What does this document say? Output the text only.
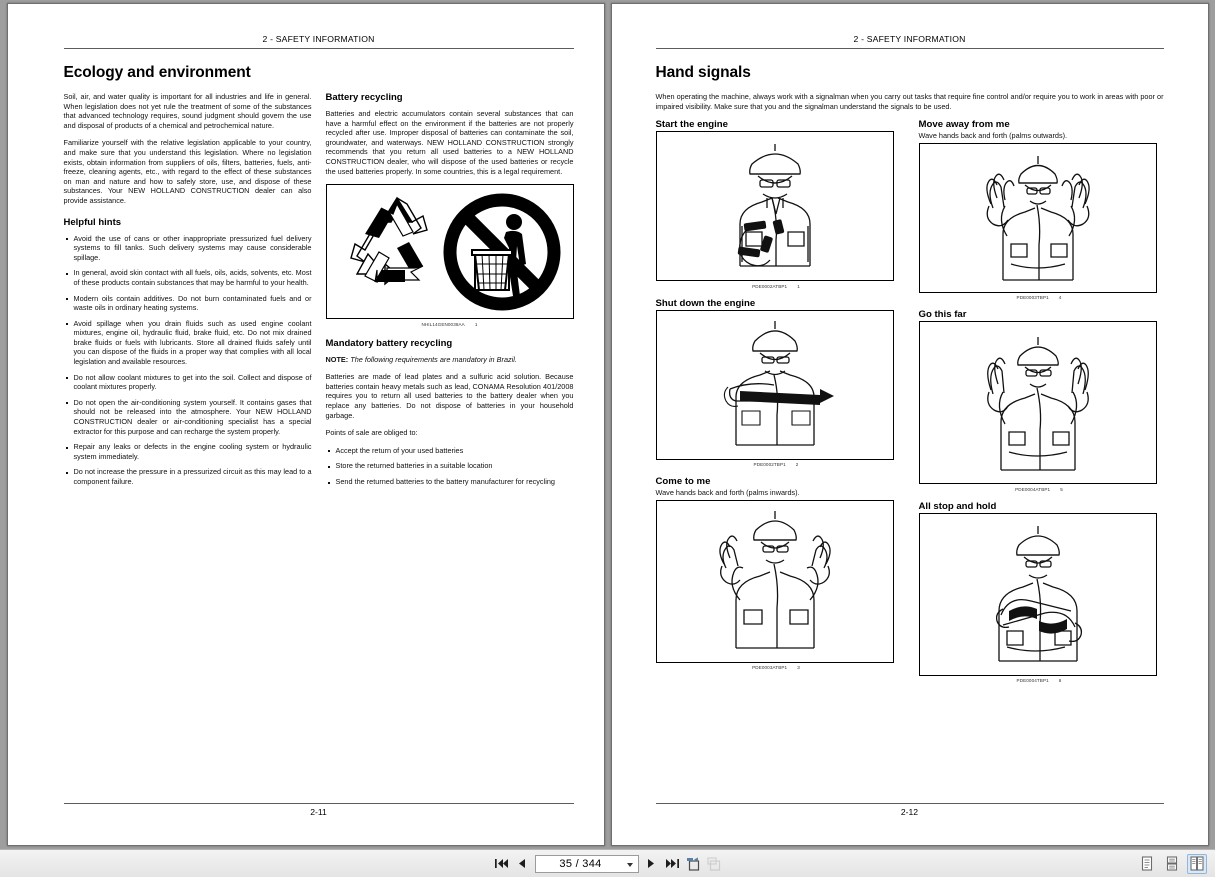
2 - SAFETY INFORMATION
Ecology and environment

Soil, air, and water quality is important for all industries and life in general. When legislation does not yet rule the treatment of some of the substances that advanced technology requires, sound judgment should govern the use and disposal of products of a chemical and petrochemical nature.

Familiarize yourself with the relative legislation applicable to your country, and make sure that you understand this legislation. Where no legislation exists, obtain information from suppliers of oils, filters, batteries, fuels, anti-freeze, cleaning agents, etc., with regard to the effect of these substances on man and nature and how to safely store, use, and dispose of these substances. Your NEW HOLLAND CONSTRUCTION dealer can also provide assistance.

Helpful hints
Avoid the use of cans or other inappropriate pressurized fuel delivery systems to fill tanks. Such delivery systems may cause considerable spillage.
In general, avoid skin contact with all fuels, oils, acids, solvents, etc. Most of these products contain substances that may be harmful to your health.
Modern oils contain additives. Do not burn contaminated fuels and or waste oils in ordinary heating systems.
Avoid spillage when you drain fluids such as used engine coolant mixtures, engine oil, hydraulic fluid, brake fluid, etc. Do not mix drained brake fluids or fuels with lubricants. Store all drained fluids safely until you can dispose of the fluids in a proper way that complies with all local legislation and available resources.
Do not allow coolant mixtures to get into the soil. Collect and dispose of coolant mixtures properly.
Do not open the air-conditioning system yourself. It contains gases that should not be released into the atmosphere. Your NEW HOLLAND CONSTRUCTION dealer or air-conditioning specialist has a special extractor for this purpose and can recharge the system properly.
Repair any leaks or defects in the engine cooling system or hydraulic system immediately.
Do not increase the pressure in a pressurized circuit as this may lead to a component failure.
Battery recycling

Batteries and electric accumulators contain several substances that can have a harmful effect on the environment if the batteries are not properly recycled after use. Improper disposal of batteries can contaminate the soil, groundwater, and waterways. NEW HOLLAND CONSTRUCTION strongly recommends that you return all used batteries to a NEW HOLLAND CONSTRUCTION dealer, who will dispose of the used batteries or recycle the used batteries properly. In some countries, this is a legal requirement.

NHIL14GEN0038AA 1
Mandatory battery recycling

NOTE: The following requirements are mandatory in Brazil.

Batteries are made of lead plates and a sulfuric acid solution. Because batteries contain heavy metals such as lead, CONAMA Resolution 401/2008 requires you to return all used batteries to the battery dealer when you replace any batteries. Do not dispose of batteries in your household garbage.

Points of sale are obliged to:

Accept the return of your used batteries
Store the returned batteries in a suitable location
Send the returned batteries to the battery manufacturer for recycling
2-11
2 - SAFETY INFORMATION
Hand signals

When operating the machine, always work with a signalman when you carry out tasks that require fine control and/or require you to work in areas with poor or impaired visibility. Make sure that you and the signalman understand the signals to be used.

Start the engine
PDE0002ATBP1 1
Shut down the engine
PDE0002TBP1 2
Come to me

Wave hands back and forth (palms inwards).

PDE0003ATBP1 3
Move away from me

Wave hands back and forth (palms outwards).

PDE0003TBP1 4
Go this far
PDE0004ATBP1 5
All stop and hold
PDE0004TBP1 6
2-12
35 / 344
